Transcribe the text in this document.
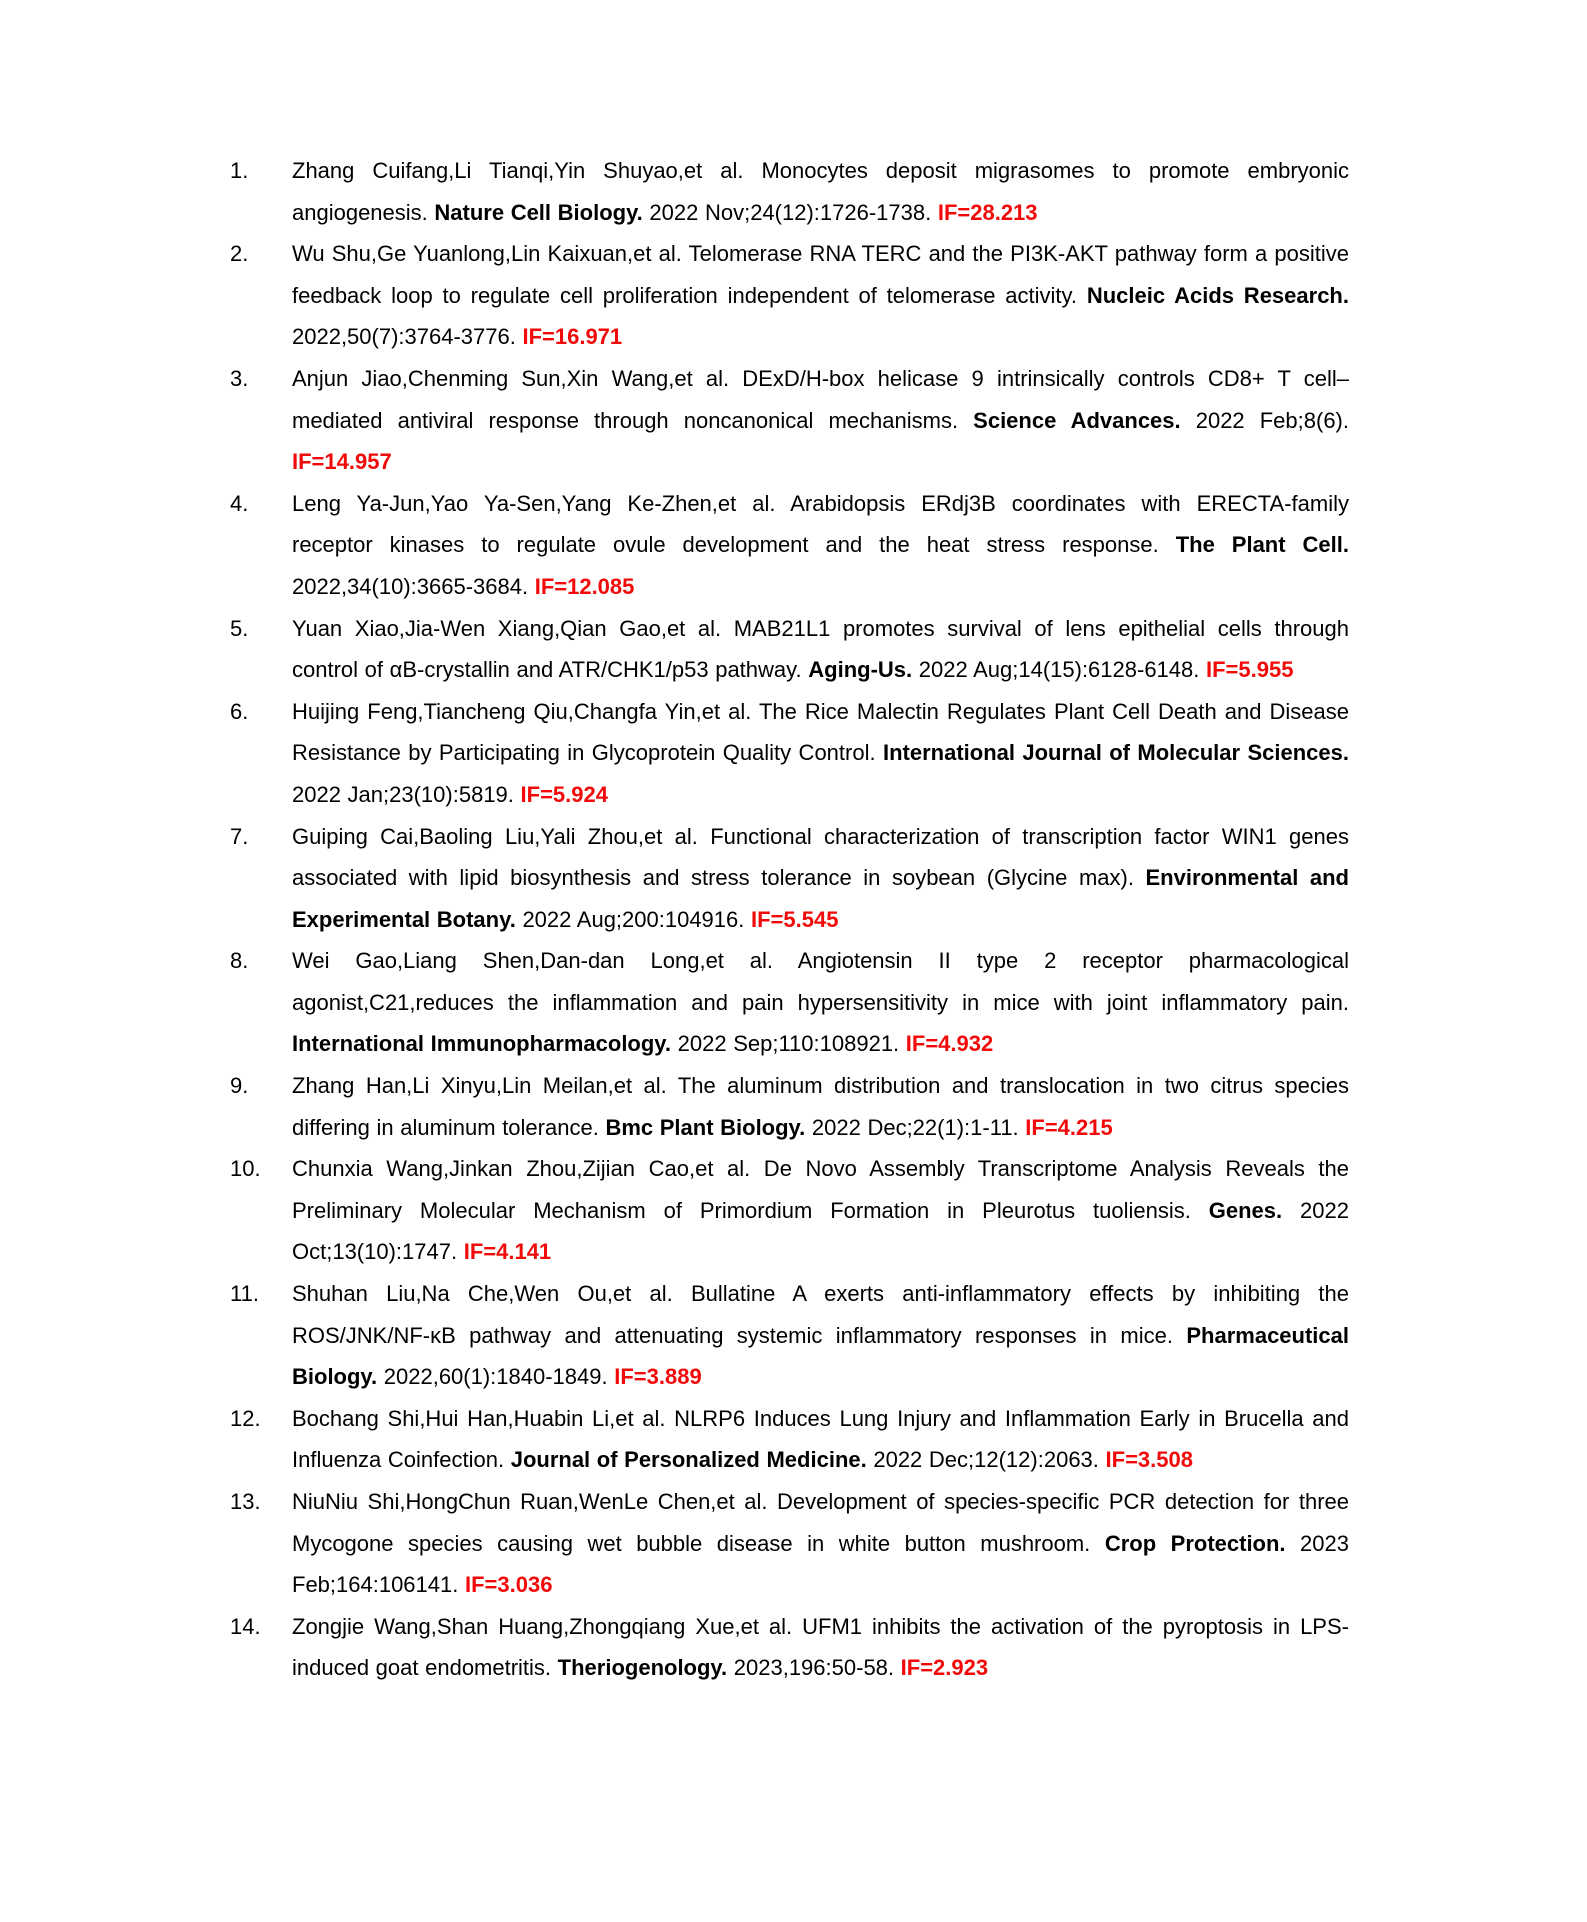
1.	Zhang Cuifang,Li Tianqi,Yin Shuyao,et al. Monocytes deposit migrasomes to promote embryonic angiogenesis. Nature Cell Biology. 2022 Nov;24(12):1726-1738. IF=28.213
2.	Wu Shu,Ge Yuanlong,Lin Kaixuan,et al. Telomerase RNA TERC and the PI3K-AKT pathway form a positive feedback loop to regulate cell proliferation independent of telomerase activity. Nucleic Acids Research. 2022,50(7):3764-3776. IF=16.971
3.	Anjun Jiao,Chenming Sun,Xin Wang,et al. DExD/H-box helicase 9 intrinsically controls CD8+ T cell–mediated antiviral response through noncanonical mechanisms. Science Advances. 2022 Feb;8(6). IF=14.957
4.	Leng Ya-Jun,Yao Ya-Sen,Yang Ke-Zhen,et al. Arabidopsis ERdj3B coordinates with ERECTA-family receptor kinases to regulate ovule development and the heat stress response. The Plant Cell. 2022,34(10):3665-3684. IF=12.085
5.	Yuan Xiao,Jia-Wen Xiang,Qian Gao,et al. MAB21L1 promotes survival of lens epithelial cells through control of αB-crystallin and ATR/CHK1/p53 pathway. Aging-Us. 2022 Aug;14(15):6128-6148. IF=5.955
6.	Huijing Feng,Tiancheng Qiu,Changfa Yin,et al. The Rice Malectin Regulates Plant Cell Death and Disease Resistance by Participating in Glycoprotein Quality Control. International Journal of Molecular Sciences. 2022 Jan;23(10):5819. IF=5.924
7.	Guiping Cai,Baoling Liu,Yali Zhou,et al. Functional characterization of transcription factor WIN1 genes associated with lipid biosynthesis and stress tolerance in soybean (Glycine max). Environmental and Experimental Botany. 2022 Aug;200:104916. IF=5.545
8.	Wei Gao,Liang Shen,Dan-dan Long,et al. Angiotensin II type 2 receptor pharmacological agonist,C21,reduces the inflammation and pain hypersensitivity in mice with joint inflammatory pain. International Immunopharmacology. 2022 Sep;110:108921. IF=4.932
9.	Zhang Han,Li Xinyu,Lin Meilan,et al. The aluminum distribution and translocation in two citrus species differing in aluminum tolerance. Bmc Plant Biology. 2022 Dec;22(1):1-11. IF=4.215
10.	Chunxia Wang,Jinkan Zhou,Zijian Cao,et al. De Novo Assembly Transcriptome Analysis Reveals the Preliminary Molecular Mechanism of Primordium Formation in Pleurotus tuoliensis. Genes. 2022 Oct;13(10):1747. IF=4.141
11.	Shuhan Liu,Na Che,Wen Ou,et al. Bullatine A exerts anti-inflammatory effects by inhibiting the ROS/JNK/NF-κB pathway and attenuating systemic inflammatory responses in mice. Pharmaceutical Biology. 2022,60(1):1840-1849. IF=3.889
12.	Bochang Shi,Hui Han,Huabin Li,et al. NLRP6 Induces Lung Injury and Inflammation Early in Brucella and Influenza Coinfection. Journal of Personalized Medicine. 2022 Dec;12(12):2063. IF=3.508
13.	NiuNiu Shi,HongChun Ruan,WenLe Chen,et al. Development of species-specific PCR detection for three Mycogone species causing wet bubble disease in white button mushroom. Crop Protection. 2023 Feb;164:106141. IF=3.036
14.	Zongjie Wang,Shan Huang,Zhongqiang Xue,et al. UFM1 inhibits the activation of the pyroptosis in LPS-induced goat endometritis. Theriogenology. 2023,196:50-58. IF=2.923
